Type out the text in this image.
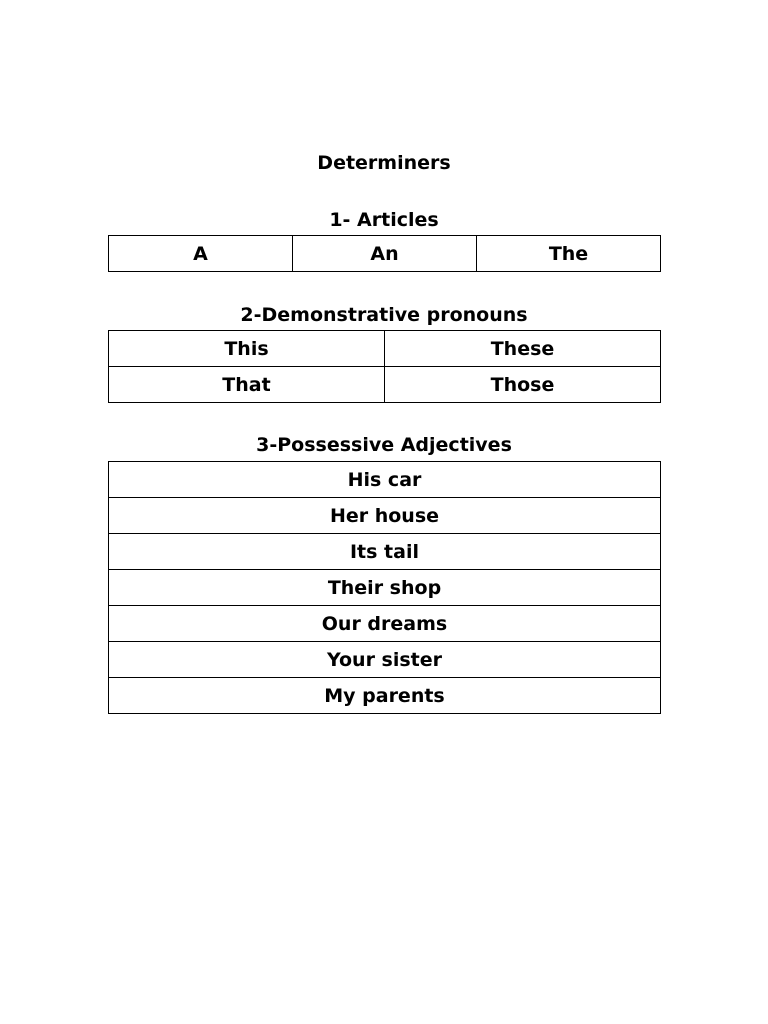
Determiners
1- Articles
A	An	The
2-Demonstrative pronouns
This	These
That	Those
3-Possessive Adjectives
His car
Her house
Its tail
Their shop
Our dreams
Your sister
My parents
